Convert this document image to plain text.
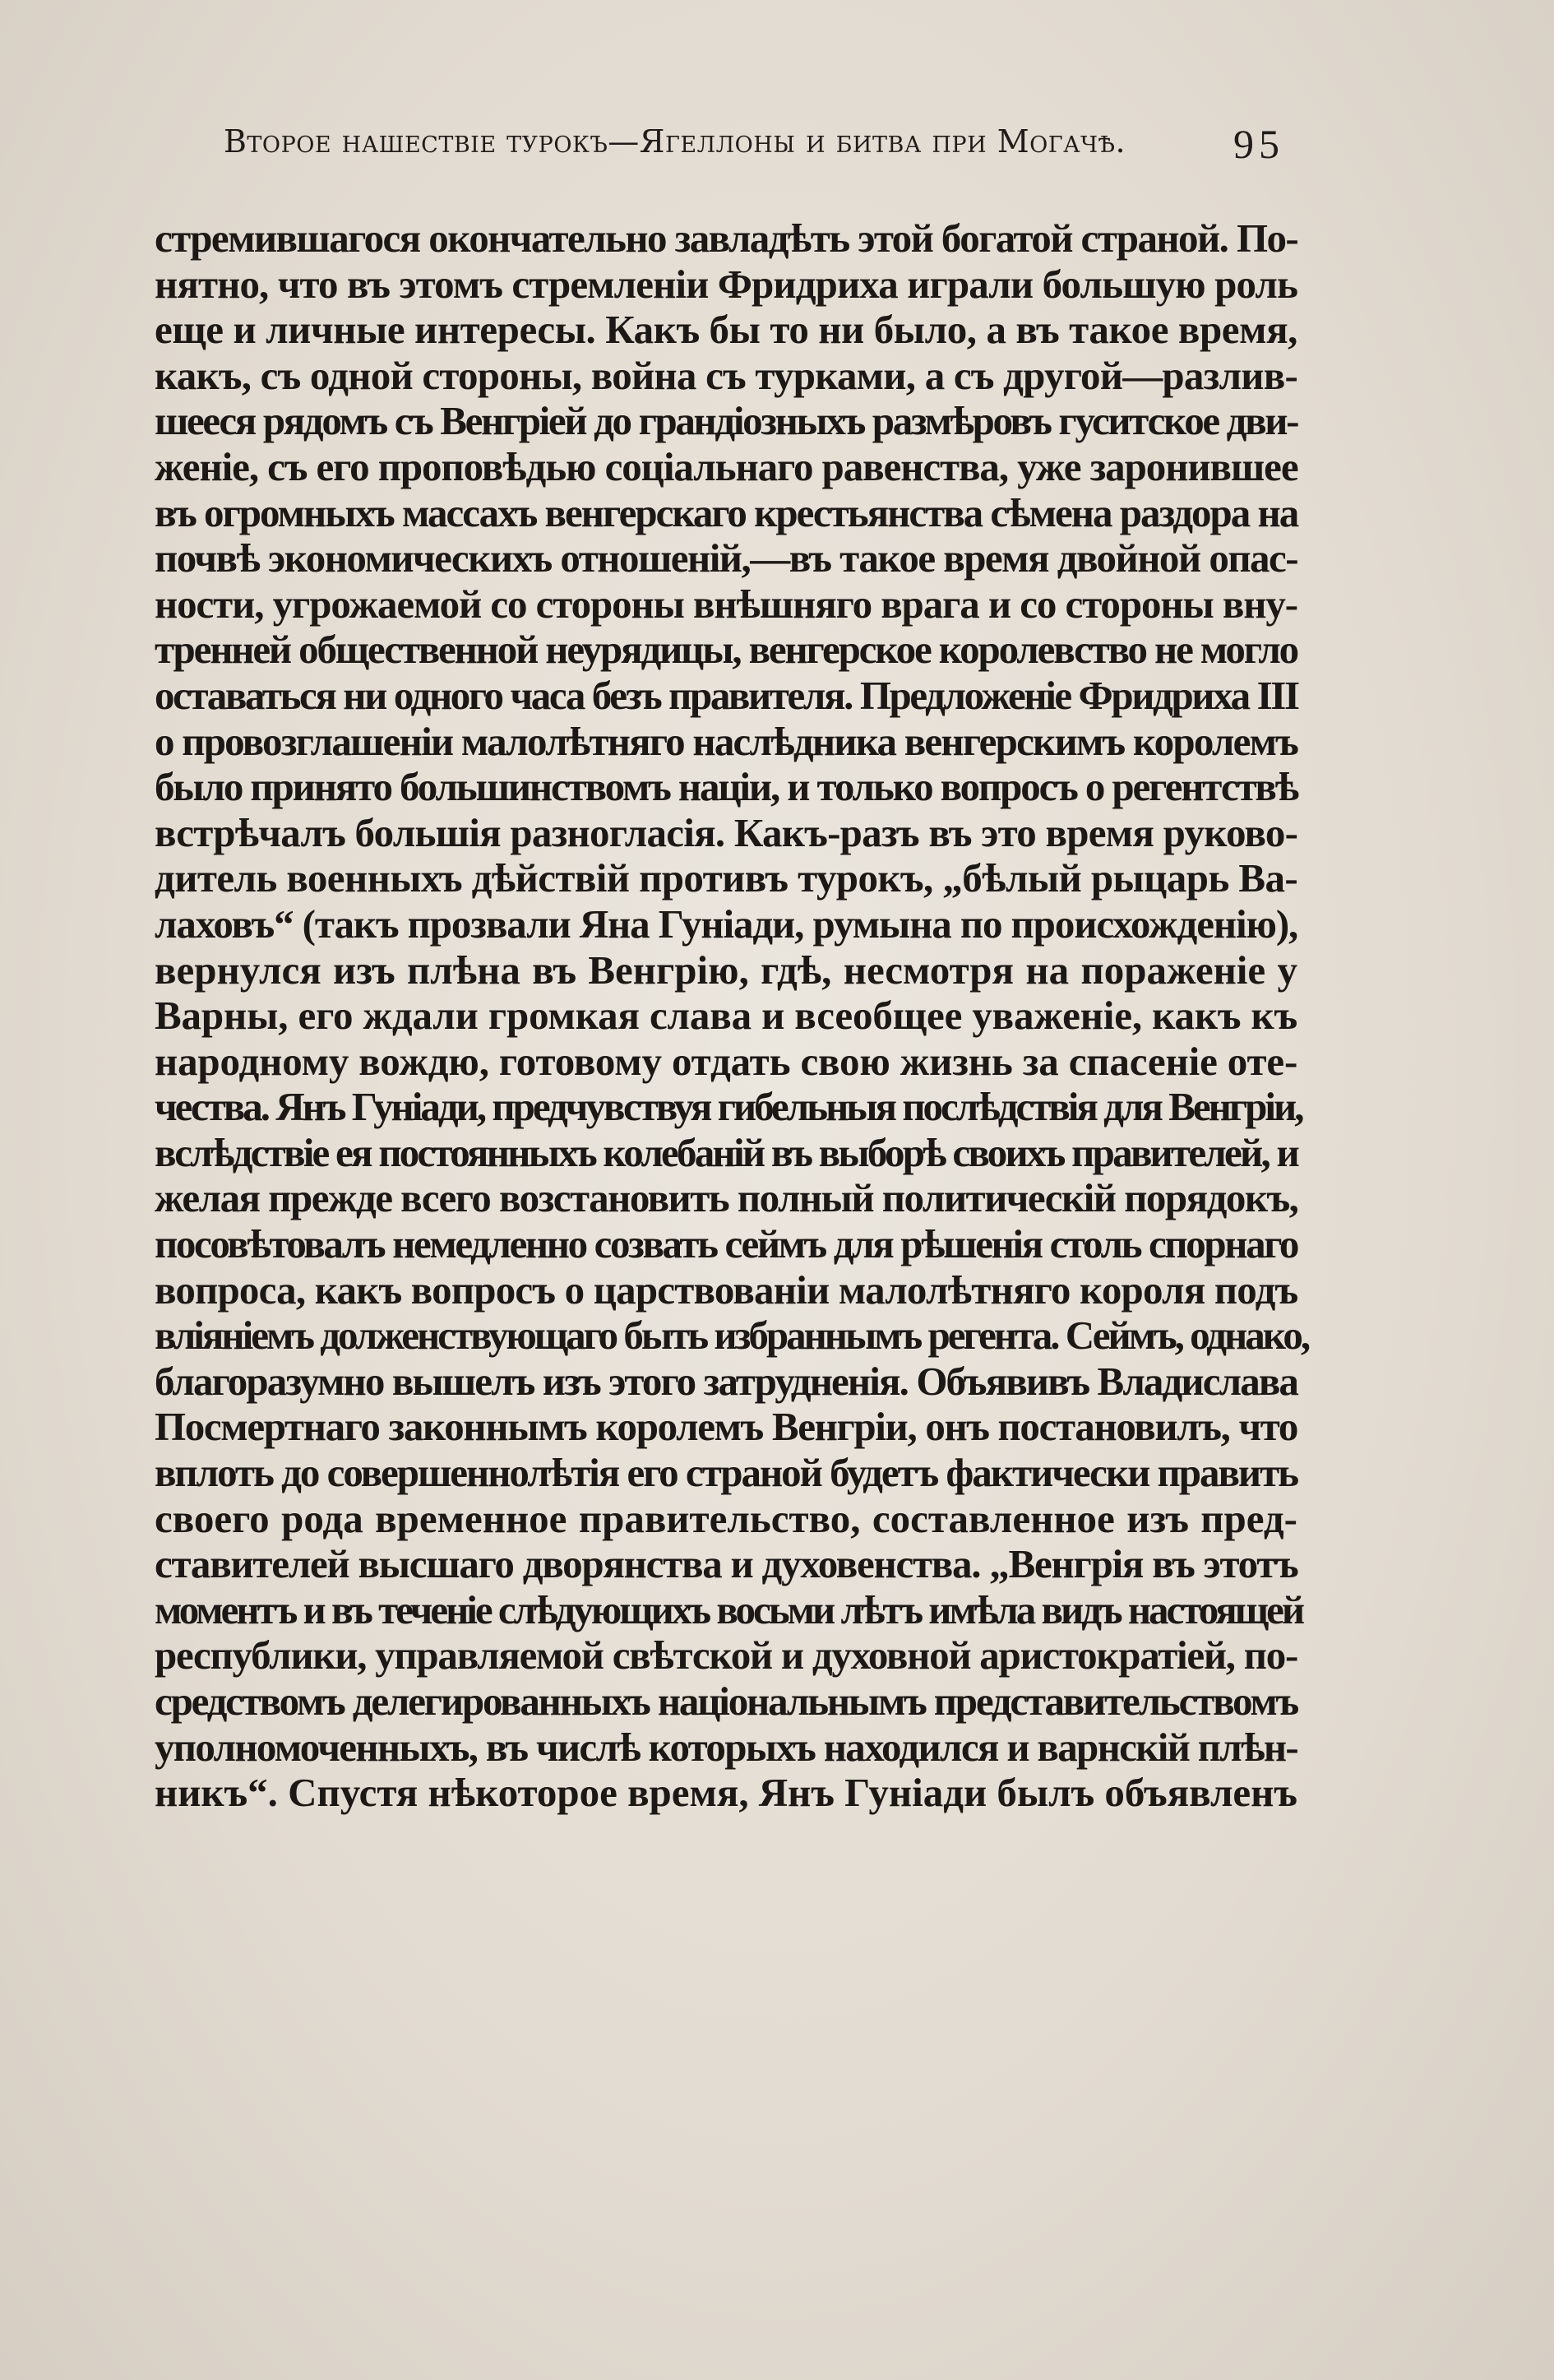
Второе нашествіе турокъ—Ягеллоны и битва при Могачѣ.	95
стремившагося окончательно завладѣть этой богатой страной. По-
нятно, что въ этомъ стремленіи Фридриха играли большую роль
еще и личные интересы. Какъ бы то ни было, а въ такое время,
какъ, съ одной стороны, война съ турками, а съ другой—разлив-
шееся рядомъ съ Венгріей до грандіозныхъ размѣровъ гуситское дви-
женіе, съ его проповѣдью соціальнаго равенства, уже заронившее
въ огромныхъ массахъ венгерскаго крестьянства сѣмена раздора на
почвѣ экономическихъ отношеній,—въ такое время двойной опас-
ности, угрожаемой со стороны внѣшняго врага и со стороны вну-
тренней общественной неурядицы, венгерское королевство не могло
оставаться ни одного часа безъ правителя. Предложеніе Фридриха III
о провозглашеніи малолѣтняго наслѣдника венгерскимъ королемъ
было принято большинствомъ націи, и только вопросъ о регентствѣ
встрѣчалъ большія разногласія. Какъ-разъ въ это время руково-
дитель военныхъ дѣйствій противъ турокъ, „бѣлый рыцарь Ва-
лаховъ“ (такъ прозвали Яна Гуніади, румына по происхожденію),
вернулся изъ плѣна въ Венгрію, гдѣ, несмотря на пораженіе у
Варны, его ждали громкая слава и всеобщее уваженіе, какъ къ
народному вождю, готовому отдать свою жизнь за спасеніе оте-
чества. Янъ Гуніади, предчувствуя гибельныя послѣдствія для Венгріи,
вслѣдствіе ея постоянныхъ колебаній въ выборѣ своихъ правителей, и
желая прежде всего возстановить полный политическій порядокъ,
посовѣтовалъ немедленно созвать сеймъ для рѣшенія столь спорнаго
вопроса, какъ вопросъ о царствованіи малолѣтняго короля подъ
вліяніемъ долженствующаго быть избраннымъ регента. Сеймъ, однако,
благоразумно вышелъ изъ этого затрудненія. Объявивъ Владислава
Посмертнаго законнымъ королемъ Венгріи, онъ постановилъ, что
вплоть до совершеннолѣтія его страной будетъ фактически править
своего рода временное правительство, составленное изъ пред-
ставителей высшаго дворянства и духовенства. „Венгрія въ этотъ
моментъ и въ теченіе слѣдующихъ восьми лѣтъ имѣла видъ настоящей
республики, управляемой свѣтской и духовной аристократіей, по-
средствомъ делегированныхъ національнымъ представительствомъ
уполномоченныхъ, въ числѣ которыхъ находился и варнскій плѣн-
никъ“. Спустя нѣкоторое время, Янъ Гуніади былъ объявленъ
